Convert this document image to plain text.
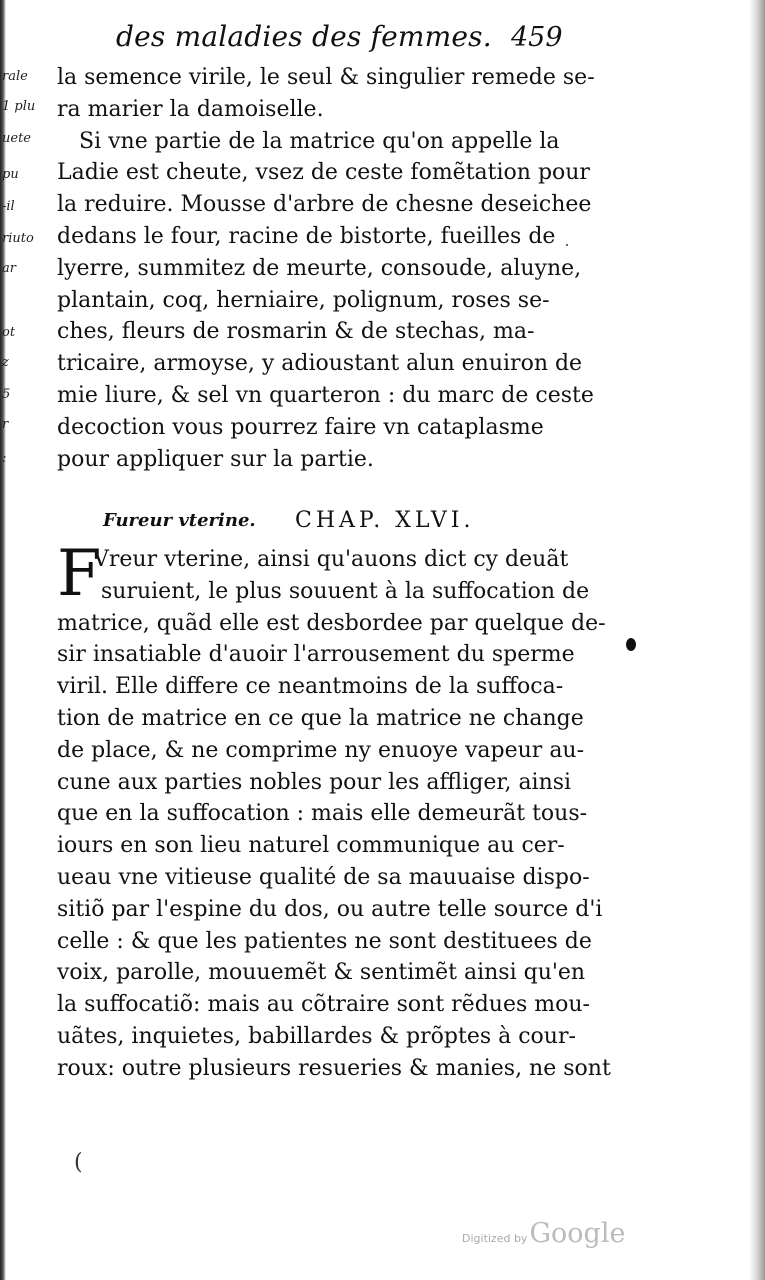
rale
1 plu
uete
pu
-il
riuto
ar
ot
z
5
r
:
des maladies des femmes. 459
la semence virile, le seul & singulier remede se-
ra marier la damoiselle.
Si vne partie de la matrice qu'on appelle la
Ladie est cheute, vsez de ceste fomẽtation pour
la reduire. Mousse d'arbre de chesne deseichee
dedans le four, racine de bistorte, fueilles de
lyerre, summitez de meurte, consoude, aluyne,
plantain, coq, herniaire, polignum, roses se-
ches, fleurs de rosmarin & de stechas, ma-
tricaire, armoyse, y adioustant alun enuiron de
mie liure, & sel vn quarteron : du marc de ceste
decoction vous pourrez faire vn cataplasme
pour appliquer sur la partie.
Fureur vterine. CHAP. XLVI.
F
Vreur vterine, ainsi qu'auons dict cy deuãt
suruient, le plus souuent à la suffocation de
matrice, quãd elle est desbordee par quelque de-
sir insatiable d'auoir l'arrousement du sperme
viril. Elle differe ce neantmoins de la suffoca-
tion de matrice en ce que la matrice ne change
de place, & ne comprime ny enuoye vapeur au-
cune aux parties nobles pour les affliger, ainsi
que en la suffocation : mais elle demeurãt tous-
iours en son lieu naturel communique au cer-
ueau vne vitieuse qualité de sa mauuaise dispo-
sitiõ par l'espine du dos, ou autre telle source d'i
celle : & que les patientes ne sont destituees de
voix, parolle, mouuemẽt & sentimẽt ainsi qu'en
la suffocatiõ: mais au cõtraire sont rẽdues mou-
uãtes, inquietes, babillardes & prõptes à cour-
roux: outre plusieurs resueries & manies, ne sont
(
Digitized byGoogle
